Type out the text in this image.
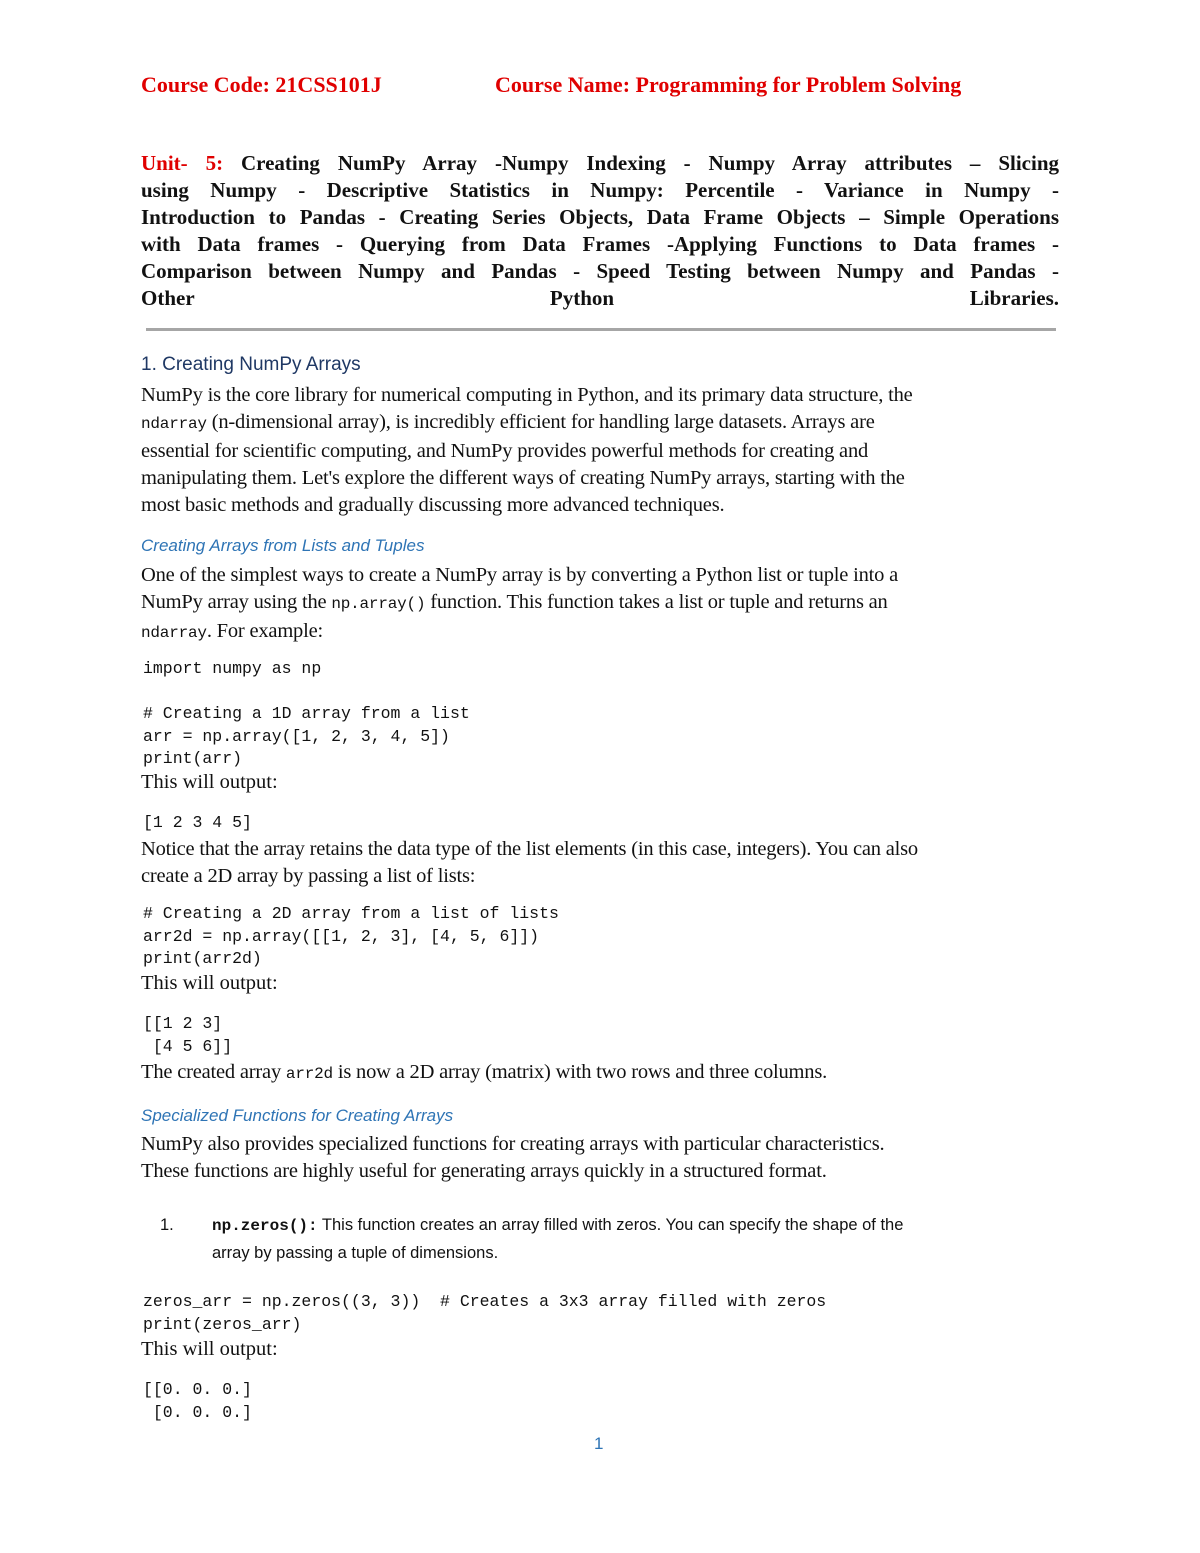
Course Code: 21CSS101J	Course Name: Programming for Problem Solving
Unit- 5: Creating NumPy Array -Numpy Indexing - Numpy Array attributes – Slicing
using Numpy - Descriptive Statistics in Numpy: Percentile - Variance in Numpy -
Introduction to Pandas - Creating Series Objects, Data Frame Objects – Simple Operations
with Data frames - Querying from Data Frames -Applying Functions to Data frames -
Comparison between Numpy and Pandas - Speed Testing between Numpy and Pandas -
Other Python Libraries.
1. Creating NumPy Arrays
NumPy is the core library for numerical computing in Python, and its primary data structure, the
ndarray (n-dimensional array), is incredibly efficient for handling large datasets. Arrays are
essential for scientific computing, and NumPy provides powerful methods for creating and
manipulating them. Let's explore the different ways of creating NumPy arrays, starting with the
most basic methods and gradually discussing more advanced techniques.
Creating Arrays from Lists and Tuples
One of the simplest ways to create a NumPy array is by converting a Python list or tuple into a
NumPy array using the np.array() function. This function takes a list or tuple and returns an
ndarray. For example:
import numpy as np

# Creating a 1D array from a list
arr = np.array([1, 2, 3, 4, 5])
print(arr)
This will output:
[1 2 3 4 5]
Notice that the array retains the data type of the list elements (in this case, integers). You can also
create a 2D array by passing a list of lists:
# Creating a 2D array from a list of lists
arr2d = np.array([[1, 2, 3], [4, 5, 6]])
print(arr2d)
This will output:
[[1 2 3]
[4 5 6]]
The created array arr2d is now a 2D array (matrix) with two rows and three columns.
Specialized Functions for Creating Arrays
NumPy also provides specialized functions for creating arrays with particular characteristics.
These functions are highly useful for generating arrays quickly in a structured format.
1. np.zeros(): This function creates an array filled with zeros. You can specify the shape of the
array by passing a tuple of dimensions.
zeros_arr = np.zeros((3, 3))  # Creates a 3x3 array filled with zeros
print(zeros_arr)
This will output:
[[0. 0. 0.]
[0. 0. 0.]
1
